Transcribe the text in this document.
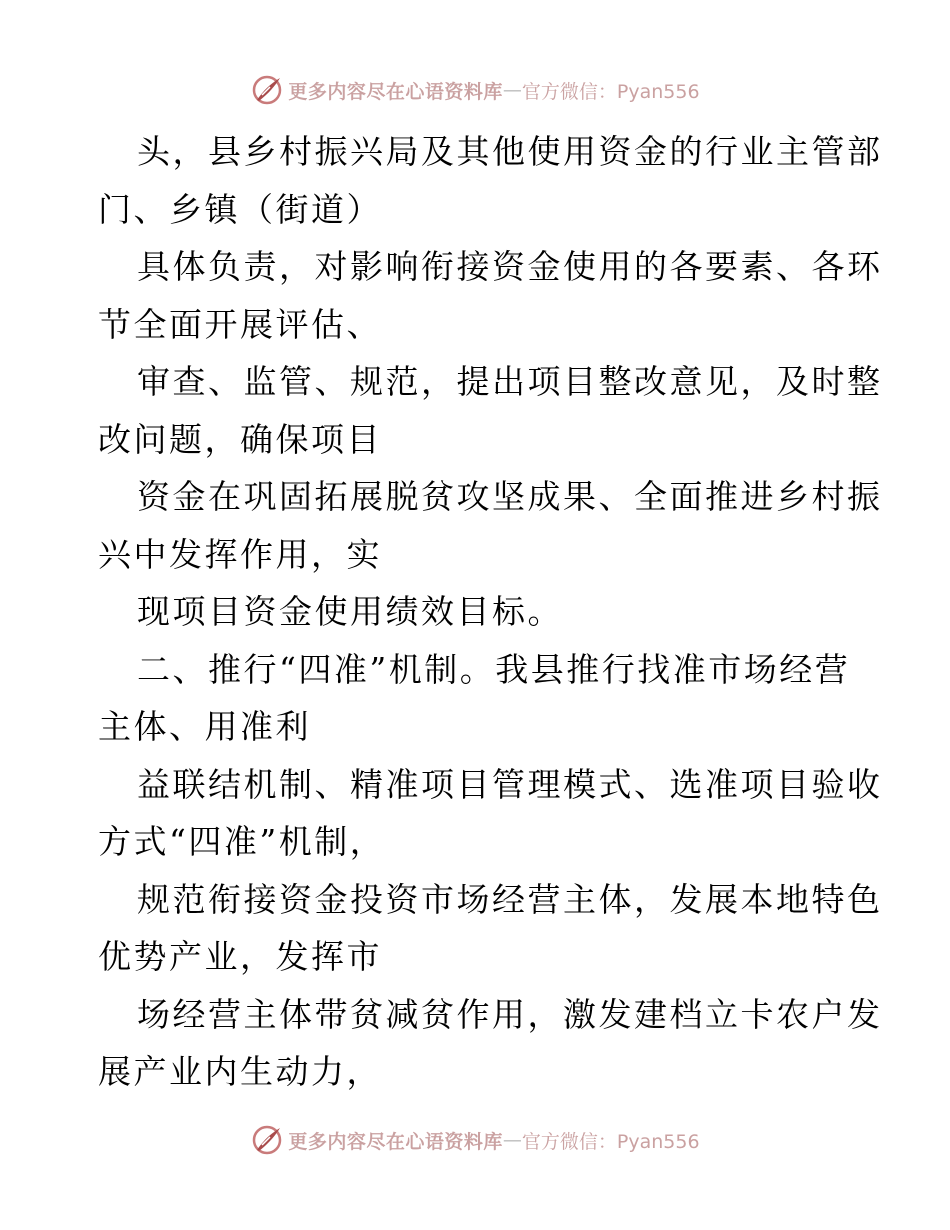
更多内容尽在心语资料库 — 官方微信：Pyan556
头，县乡村振兴局及其他使用资金的行业主管部
门、乡镇（街道）
具体负责，对影响衔接资金使用的各要素、各环
节全面开展评估、
审查、监管、规范，提出项目整改意见，及时整
改问题，确保项目
资金在巩固拓展脱贫攻坚成果、全面推进乡村振
兴中发挥作用，实
现项目资金使用绩效目标。
二、推行“四准”机制。我县推行找准市场经营
主体、用准利
益联结机制、精准项目管理模式、选准项目验收
方式“四准”机制，
规范衔接资金投资市场经营主体，发展本地特色
优势产业，发挥市
场经营主体带贫减贫作用，激发建档立卡农户发
展产业内生动力，
更多内容尽在心语资料库 — 官方微信：Pyan556
